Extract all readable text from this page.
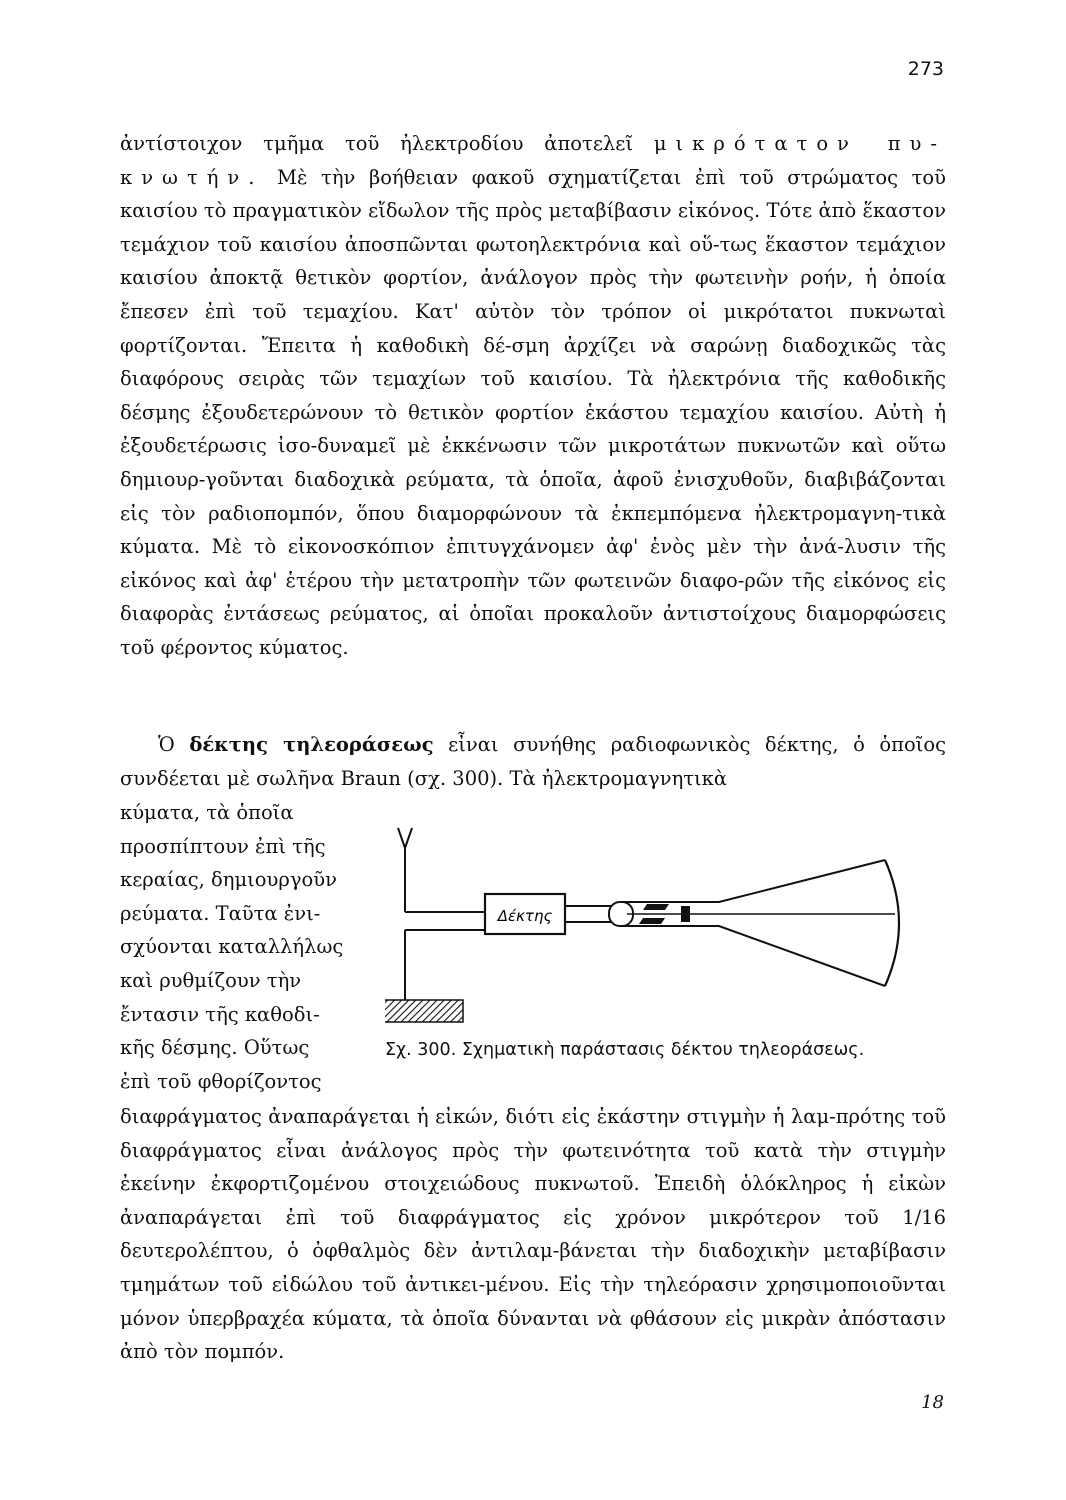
273

ἀντίστοιχον τμῆμα τοῦ ἠλεκτροδίου ἀποτελεῖ μικρότατον πυ-κνωτήν. Μὲ τὴν βοήθειαν φακοῦ σχηματίζεται ἐπὶ τοῦ στρώματος τοῦ καισίου τὸ πραγματικὸν εἴδωλον τῆς πρὸς μεταβίβασιν εἰκόνος. Τότε ἀπὸ ἕκαστον τεμάχιον τοῦ καισίου ἀποσπῶνται φωτοηλεκτρόνια καὶ οὕ-τως ἕκαστον τεμάχιον καισίου ἀποκτᾷ θετικὸν φορτίον, ἀνάλογον πρὸς τὴν φωτεινὴν ροήν, ἡ ὁποία ἔπεσεν ἐπὶ τοῦ τεμαχίου. Κατ' αὐτὸν τὸν τρόπον οἱ μικρότατοι πυκνωταὶ φορτίζονται. Ἔπειτα ἡ καθοδικὴ δέ-σμη ἀρχίζει νὰ σαρώνῃ διαδοχικῶς τὰς διαφόρους σειρὰς τῶν τεμαχίων τοῦ καισίου. Τὰ ἠλεκτρόνια τῆς καθοδικῆς δέσμης ἐξουδετερώνουν τὸ θετικὸν φορτίον ἑκάστου τεμαχίου καισίου. Αὐτὴ ἡ ἐξουδετέρωσις ἰσο-δυναμεῖ μὲ ἐκκένωσιν τῶν μικροτάτων πυκνωτῶν καὶ οὕτω δημιουρ-γοῦνται διαδοχικὰ ρεύματα, τὰ ὁποῖα, ἀφοῦ ἐνισχυθοῦν, διαβιβάζονται εἰς τὸν ραδιοπομπόν, ὅπου διαμορφώνουν τὰ ἐκπεμπόμενα ἠλεκτρομαγνη-τικὰ κύματα. Μὲ τὸ εἰκονοσκόπιον ἐπιτυγχάνομεν ἀφ' ἑνὸς μὲν τὴν ἀνά-λυσιν τῆς εἰκόνος καὶ ἀφ' ἑτέρου τὴν μετατροπὴν τῶν φωτεινῶν διαφο-ρῶν τῆς εἰκόνος εἰς διαφορὰς ἐντάσεως ρεύματος, αἱ ὁποῖαι προκαλοῦν ἀντιστοίχους διαμορφώσεις τοῦ φέροντος κύματος.

Ὁ δέκτης τηλεοράσεως εἶναι συνήθης ραδιοφωνικὸς δέκτης, ὁ ὁποῖος συνδέεται μὲ σωλῆνα Braun (σχ. 300). Τὰ ἠλεκτρομαγνητικὰ

κύματα, τὰ ὁποῖα
προσπίπτουν ἐπὶ τῆς
κεραίας, δημιουργοῦν
ρεύματα. Ταῦτα ἐνι-
σχύονται καταλλήλως
καὶ ρυθμίζουν τὴν
ἔντασιν τῆς καθοδι-
κῆς δέσμης. Οὕτως
ἐπὶ τοῦ φθορίζοντος
Δέκτης
Σχ. 300. Σχηματικὴ παράστασις δέκτου τηλεοράσεως.

διαφράγματος ἀναπαράγεται ἡ εἰκών, διότι εἰς ἑκάστην στιγμὴν ἡ λαμ-πρότης τοῦ διαφράγματος εἶναι ἀνάλογος πρὸς τὴν φωτεινότητα τοῦ κατὰ τὴν στιγμὴν ἐκείνην ἐκφορτιζομένου στοιχειώδους πυκνωτοῦ. Ἐπειδὴ ὁλόκληρος ἡ εἰκὼν ἀναπαράγεται ἐπὶ τοῦ διαφράγματος εἰς χρόνον μικρότερον τοῦ 1/16 δευτερολέπτου, ὁ ὀφθαλμὸς δὲν ἀντιλαμ-βάνεται τὴν διαδοχικὴν μεταβίβασιν τμημάτων τοῦ εἰδώλου τοῦ ἀντικει-μένου. Εἰς τὴν τηλεόρασιν χρησιμοποιοῦνται μόνον ὑπερβραχέα κύματα, τὰ ὁποῖα δύνανται νὰ φθάσουν εἰς μικρὰν ἀπόστασιν ἀπὸ τὸν πομπόν.

18
